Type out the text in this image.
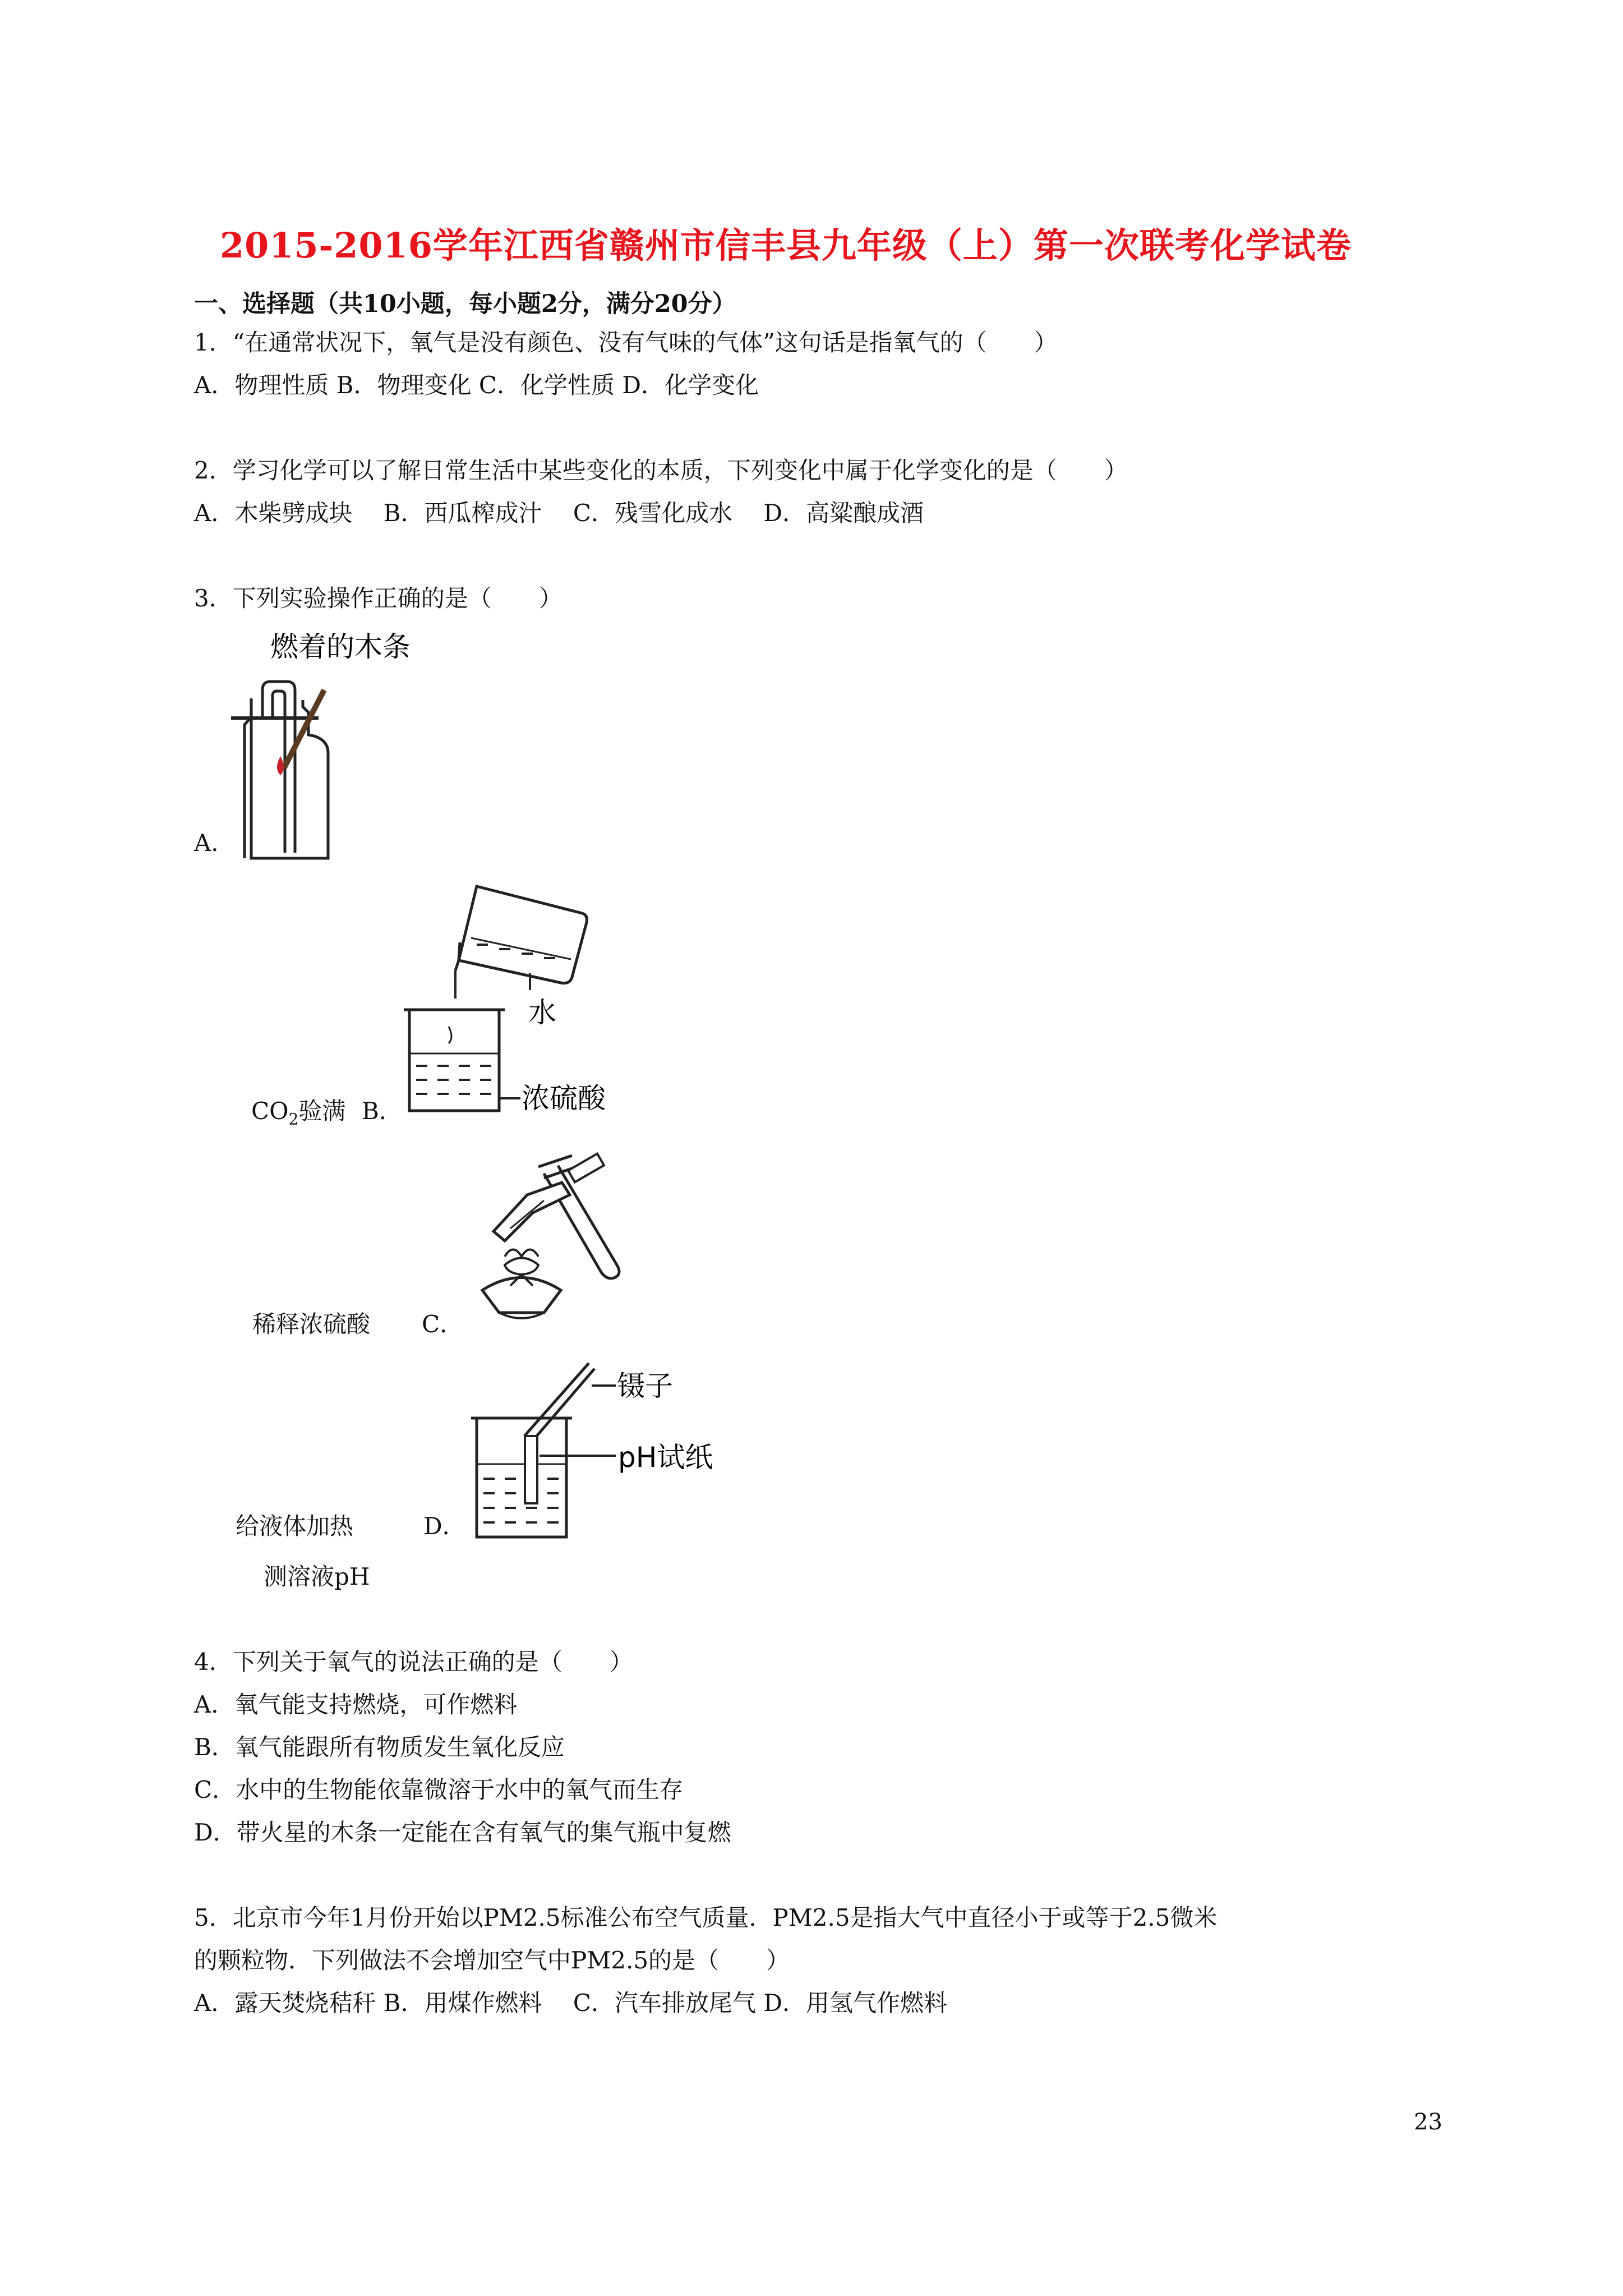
2015-2016学年江西省赣州市信丰县九年级（上）第一次联考化学试卷
一、选择题（共10小题，每小题2分，满分20分）
1．“在通常状况下，氧气是没有颜色、没有气味的气体”这句话是指氧气的（　　）
A．物理性质 B．物理变化 C．化学性质 D．化学变化
2．学习化学可以了解日常生活中某些变化的本质，下列变化中属于化学变化的是（　　）
A．木柴劈成块　 B．西瓜榨成汁　 C．残雪化成水　 D．高粱酿成酒
3．下列实验操作正确的是（　　）
燃着的木条
A．
水
浓硫酸
$CO_2$验满 B．
稀释浓硫酸 C．
镊子
pH试纸
给液体加热	D．
测溶液pH
4．下列关于氧气的说法正确的是（　　）
A．氧气能支持燃烧，可作燃料
B．氧气能跟所有物质发生氧化反应
C．水中的生物能依靠微溶于水中的氧气而生存
D．带火星的木条一定能在含有氧气的集气瓶中复燃
5．北京市今年1月份开始以PM2.5标准公布空气质量．PM2.5是指大气中直径小于或等于2.5微米
的颗粒物．下列做法不会增加空气中PM2.5的是（　　）
A．露天焚烧秸秆 B．用煤作燃料　 C．汽车排放尾气 D．用氢气作燃料
23
